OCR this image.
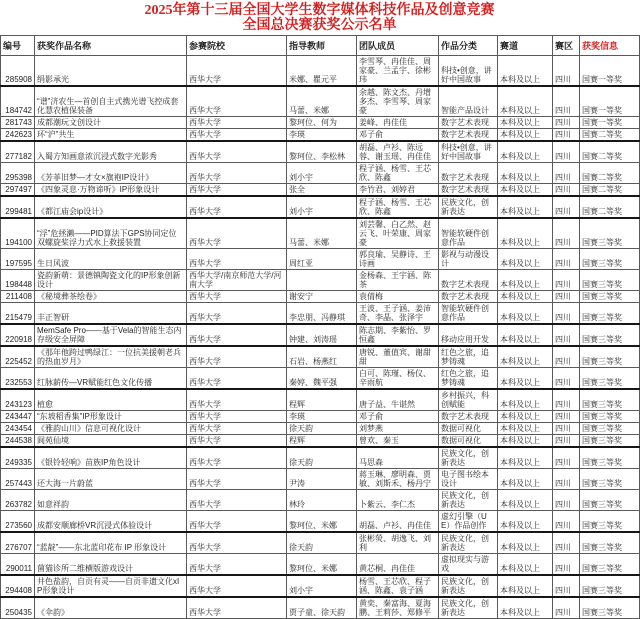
2025年第十三届全国大学生数字媒体科技作品及创意竞赛
全国总决赛获奖公示名单
编号	获奖作品名称	参赛院校	指导教师	团队成员	作品分类	赛道	赛区	获奖信息
285908	绢影承光	西华大学	米娜、瞿元平	李雪琴、冉佳佳、周家豪、兰孟宇、徐彬玮	科技•创意，讲好中国故事	本科及以上	四川	国赛一等奖
184742	“谱”济农生—首创自主式携光谱飞控成套化慧农植保装备	西华大学	马蕾、米娜	余越、陈文杰、丹增多杰、李雪琴、周家豪	智能产品设计	本科及以上	四川	国赛一等奖
281743	成都潮玩文创设计	西华大学	黎珂位、何为	姜峰、冉佳佳	数字艺术表现	本科及以上	四川	国赛一等奖
242623	环“沪”共生	西华大学	李瑛	邓子俞	数字艺术表现	本科及以上	四川	国赛二等奖
277182	入蜀方知画意浓沉浸式数字光影秀	西华大学	黎珂位、李松林	胡磊、卢衫、陈远蓉、谢玉瑶、冉佳佳	科技•创意，讲好中国故事	本科及以上	四川	国赛二等奖
295398	《芳菲旧梦—才女×旗袍IP设计》	西华大学	刘小宇	程子涵、杨雪、王芯欣、陈鑫	数字艺术表现	本科及以上	四川	国赛二等奖
297497	《四象灵息·万物谛听》IP形象设计	西华大学	张全	李竹君、刘婷君	数字艺术表现	本科及以上	四川	国赛二等奖
299481	《都江庙会ip设计》	西华大学	刘小宇	程子涵、杨雪、王芯欣、陈鑫	民族文化，创新表达	本科及以上	四川	国赛二等奖
194100	“浮”危拯濑——PID算法下GPS协同定位双螺旋桨浮力式水上救援装置	西华大学	马蕾、米娜	刘芸馨、白乙然、赵云飞、叶荣康、周家豪	智能软硬件创意作品	本科及以上	四川	国赛三等奖
197595	生日风波	西华大学	周红亚	郭良瑜、吴静诗、王诗画	影视与动漫设计	本科及以上	四川	国赛三等奖
198448	瓷韵新萌：景德镇陶瓷文化的IP形象创新设计	西华大学/南京师范大学/河南大学		金杨森、王宇涵、陈茶	数字艺术表现	本科及以上	四川	国赛三等奖
211408	《秘境彝茶绘卷》	西华大学	谢安宁	袁倩梅	数字艺术表现	本科及以上	四川	国赛三等奖
215479	丰正智研	西华大学	李忠朋、冯静琪	王波、王子涵、姜沛奇、李晶、张泽宇	智能软硬件创意作品	本科及以上	四川	国赛三等奖
220918	MemSafe Pro——基于Vela的智能生态内存级安全屏障	西华大学	钟建、刘涛瑶	陈志期、李紫怡、罗恒鑫	移动应用开发	本科及以上	四川	国赛三等奖
225452	《那年他跨过鸭绿江：一位抗美援朝老兵的热血岁月》	西华大学	石岩、杨燕红	唐锐、董值宾、谢甜甜	红色之旅，追梦铸魂	本科及以上	四川	国赛三等奖
232553	红脉薪传—VR赋能红色文化传播	西华大学	秦婷、魏平强	白可、陈瑾、杨仪、辛雨航	红色之旅，追梦铸魂	本科及以上	四川	国赛三等奖
243123	植愈	西华大学	程辉	唐子益、牛谌然	乡村振兴，科创赋能	本科及以上	四川	国赛三等奖
243447	“东坡稻香集”IP形象设计	西华大学	李瑛	邓子俞	数字艺术表现	本科及以上	四川	国赛三等奖
243454	《雅韵山川》信息可视化设计	西华大学	徐天韵	刘梦燕	数据可视化	本科及以上	四川	国赛三等奖
244538	阆苑仙境	西华大学	程辉	曾欢、秦玉	数据可视化	本科及以上	四川	国赛三等奖
249335	《银铃轻响》苗族IP角色设计	西华大学	徐天韵	马思森	民族文化，创新表达	本科及以上	四川	国赛三等奖
257443	还大海一片蔚蓝	西华大学	尹涛	蒋玉琳、廖明森、贾敏、刘斯禾、杨丹宁	电子图书绘本设计	本科及以上	四川	国赛三等奖
263782	如意祥韵	西华大学	林玲	卜紫云、李仁杰	民族文化，创新表达	本科及以上	四川	国赛三等奖
273560	成都安顺廊桥VR沉浸式体验设计	西华大学	黎珂位、米娜	胡磊、卢衫、冉佳佳	虚幻引擎（UE）作品创作	本科及以上	四川	国赛三等奖
276707	“蓝靛”——东北蓝印花布 IP 形象设计	西华大学	徐天韵	张彬熒、胡逸飞、刘利	民族文化，创新表达	本科及以上	四川	国赛三等奖
290011	菌猫诊所二维横版游戏设计	西华大学	黎珂位、米娜	黄芯桐、冉佳佳	虚拟现实与游戏	本科及以上	四川	国赛三等奖
294408	井色盐韵，自贡有灵——自贡非遗文化xIP形象设计	西华大学	刘小宇	杨雪、王芯欣、程子涵、陈鑫、袁子涵	民族文化，创新表达	本科及以上	四川	国赛三等奖
250435	《伞韵》	西华大学	贾子童、徐天韵	黄奕、秦富海、夏海鹏、王莉莎、郑修平	民族文化，创新表达	本科及以上	四川	国赛三等奖
